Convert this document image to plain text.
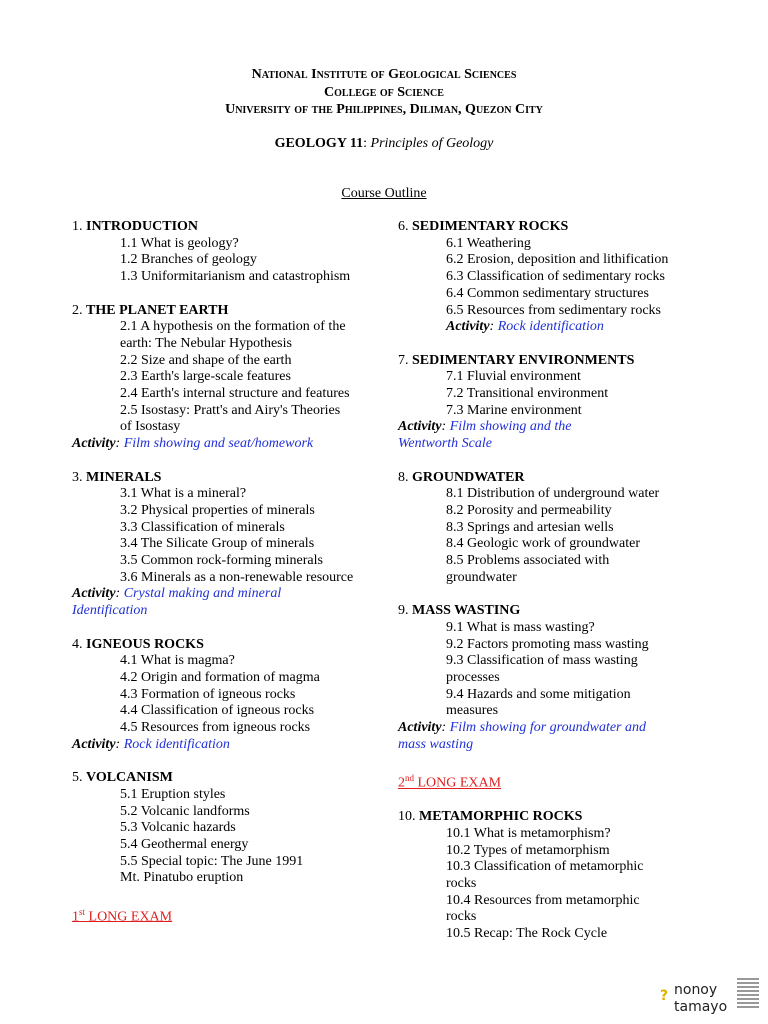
National Institute of Geological Sciences
College of Science
University of the Philippines, Diliman, Quezon City
GEOLOGY 11: Principles of Geology
Course Outline
1. INTRODUCTION
1.1 What is geology?
1.2 Branches of geology
1.3 Uniformitarianism and catastrophism
2. THE PLANET EARTH
2.1 A hypothesis on the formation of the
earth: The Nebular Hypothesis
2.2 Size and shape of the earth
2.3 Earth's large-scale features
2.4 Earth's internal structure and features
2.5 Isostasy: Pratt's and Airy's Theories
of Isostasy
Activity: Film showing and seat/homework
3. MINERALS
3.1 What is a mineral?
3.2 Physical properties of minerals
3.3 Classification of minerals
3.4 The Silicate Group of minerals
3.5 Common rock-forming minerals
3.6 Minerals as a non-renewable resource
Activity: Crystal making and mineral
Identification
4. IGNEOUS ROCKS
4.1 What is magma?
4.2 Origin and formation of magma
4.3 Formation of igneous rocks
4.4 Classification of igneous rocks
4.5 Resources from igneous rocks
Activity: Rock identification
5. VOLCANISM
5.1 Eruption styles
5.2 Volcanic landforms
5.3 Volcanic hazards
5.4 Geothermal energy
5.5 Special topic: The June 1991
Mt. Pinatubo eruption
1st LONG EXAM
6. SEDIMENTARY ROCKS
6.1 Weathering
6.2 Erosion, deposition and lithification
6.3 Classification of sedimentary rocks
6.4 Common sedimentary structures
6.5 Resources from sedimentary rocks
Activity: Rock identification
7. SEDIMENTARY ENVIRONMENTS
7.1 Fluvial environment
7.2 Transitional environment
7.3 Marine environment
Activity: Film showing and the
Wentworth Scale
8. GROUNDWATER
8.1 Distribution of underground water
8.2 Porosity and permeability
8.3 Springs and artesian wells
8.4 Geologic work of groundwater
8.5 Problems associated with
groundwater
9. MASS WASTING
9.1 What is mass wasting?
9.2 Factors promoting mass wasting
9.3 Classification of mass wasting
processes
9.4 Hazards and some mitigation
measures
Activity: Film showing for groundwater and
mass wasting
2nd LONG EXAM
10. METAMORPHIC ROCKS
10.1 What is metamorphism?
10.2 Types of metamorphism
10.3 Classification of metamorphic
rocks
10.4 Resources from metamorphic
rocks
10.5 Recap: The Rock Cycle
? nonoy
tamayo
